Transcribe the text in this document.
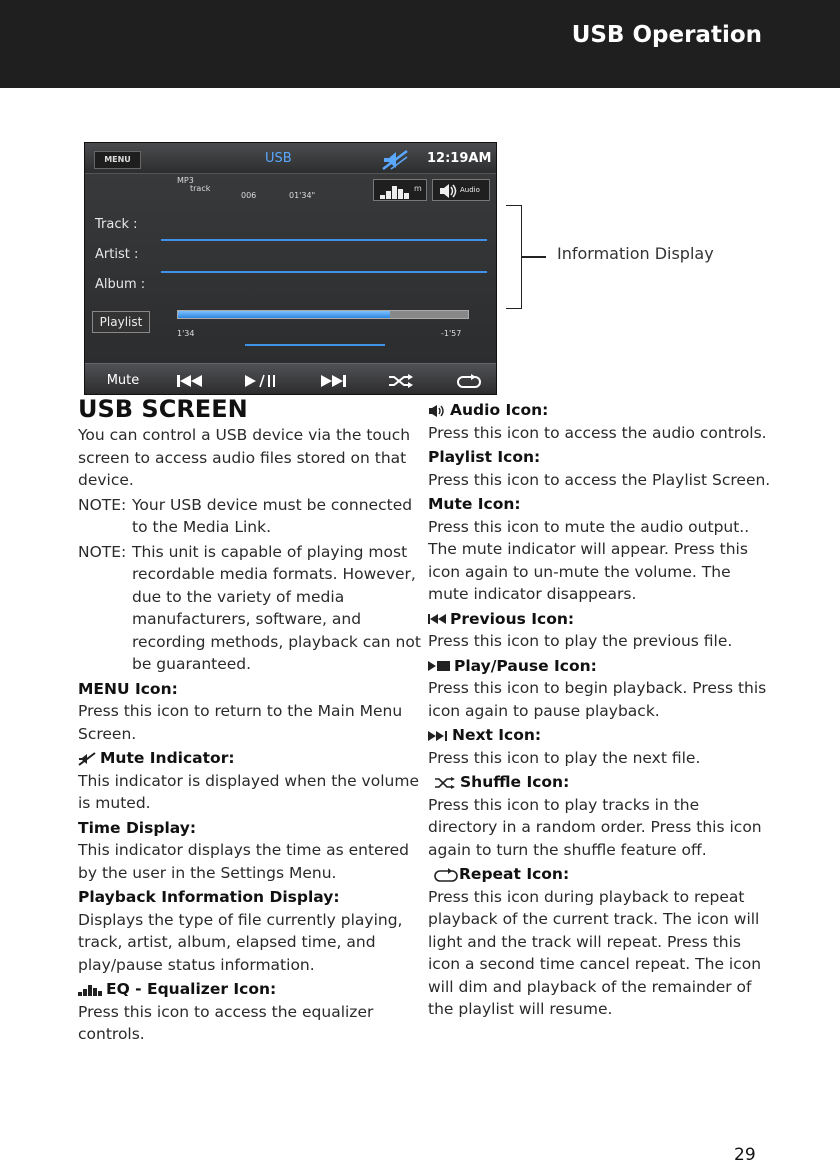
USB Operation
MENU	USB	12:19AM
MP3
track
006	01'34"
m	Audio
Track :
Artist :
Album :
Playlist
1'34	-1'57
Mute
Information Display
USB SCREEN
You can control a USB device via the touch screen to access audio files stored on that device.
NOTE: Your USB device must be connected to the Media Link.
NOTE: This unit is capable of playing most recordable media formats. However, due to the variety of media manufacturers, software, and recording methods, playback can not be guaranteed.
MENU Icon:
Press this icon to return to the Main Menu Screen.
Mute Indicator:
This indicator is displayed when the volume is muted.
Time Display:
This indicator displays the time as entered by the user in the Settings Menu.
Playback Information Display:
Displays the type of file currently playing, track, artist, album, elapsed time, and play/pause status information.
EQ - Equalizer Icon:
Press this icon to access the equalizer controls.
Audio Icon:
Press this icon to access the audio controls.
Playlist Icon:
Press this icon to access the Playlist Screen.
Mute Icon:
Press this icon to mute the audio output.. The mute indicator will appear. Press this icon again to un-mute the volume. The mute indicator disappears.
Previous Icon:
Press this icon to play the previous file.
Play/Pause Icon:
Press this icon to begin playback. Press this icon again to pause playback.
Next Icon:
Press this icon to play the next file.
Shuffle Icon:
Press this icon to play tracks in the directory in a random order. Press this icon again to turn the shuffle feature off.
Repeat Icon:
Press this icon during playback to repeat playback of the current track. The icon will light and the track will repeat. Press this icon a second time cancel repeat. The icon will dim and playback of the remainder of the playlist will resume.
29
